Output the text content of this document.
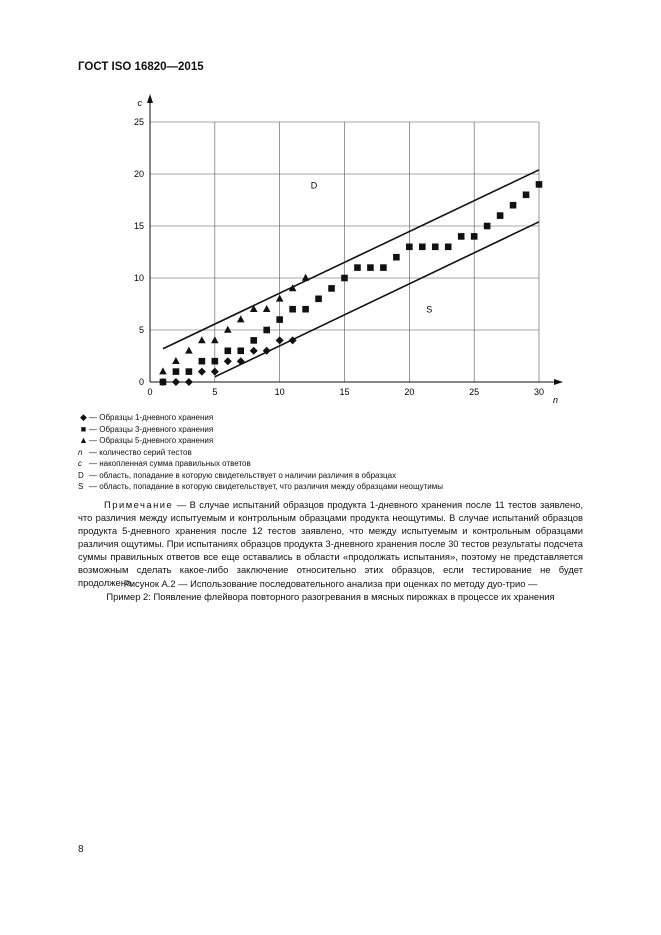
ГОСТ ISO 16820—2015
0	5	10	15	20	25	30
0
5
10
15
20
25
c
n
D
S
◆ — Образцы 1-дневного хранения
■ — Образцы 3-дневного хранения
▲ — Образцы 5-дневного хранения
n — количество серий тестов
c — накопленная сумма правильных ответов
D — область, попадание в которую свидетельствует о наличии различия в образцах
S — область, попадание в которую свидетельствует, что различия между образцами неощутимы
Примечание — В случае испытаний образцов продукта 1-дневного хранения после 11 тестов заявлено, что различия между испытуемым и контрольным образцами продукта неощутимы. В случае испытаний образцов продукта 5-дневного хранения после 12 тестов заявлено, что между испытуемым и контрольным образцами различия ощутимы. При испытаниях образцов продукта 3-дневного хранения после 30 тестов результаты подсчета суммы правильных ответов все еще оставались в области «продолжать испытания», поэтому не представляется возможным сделать какое-либо заключение относительно этих образцов, если тестирование не будет продолжено.
Рисунок А.2 — Использование последовательного анализа при оценках по методу дуо-трио —
Пример 2: Появление флейвора повторного разогревания в мясных пирожках в процессе их хранения
8
